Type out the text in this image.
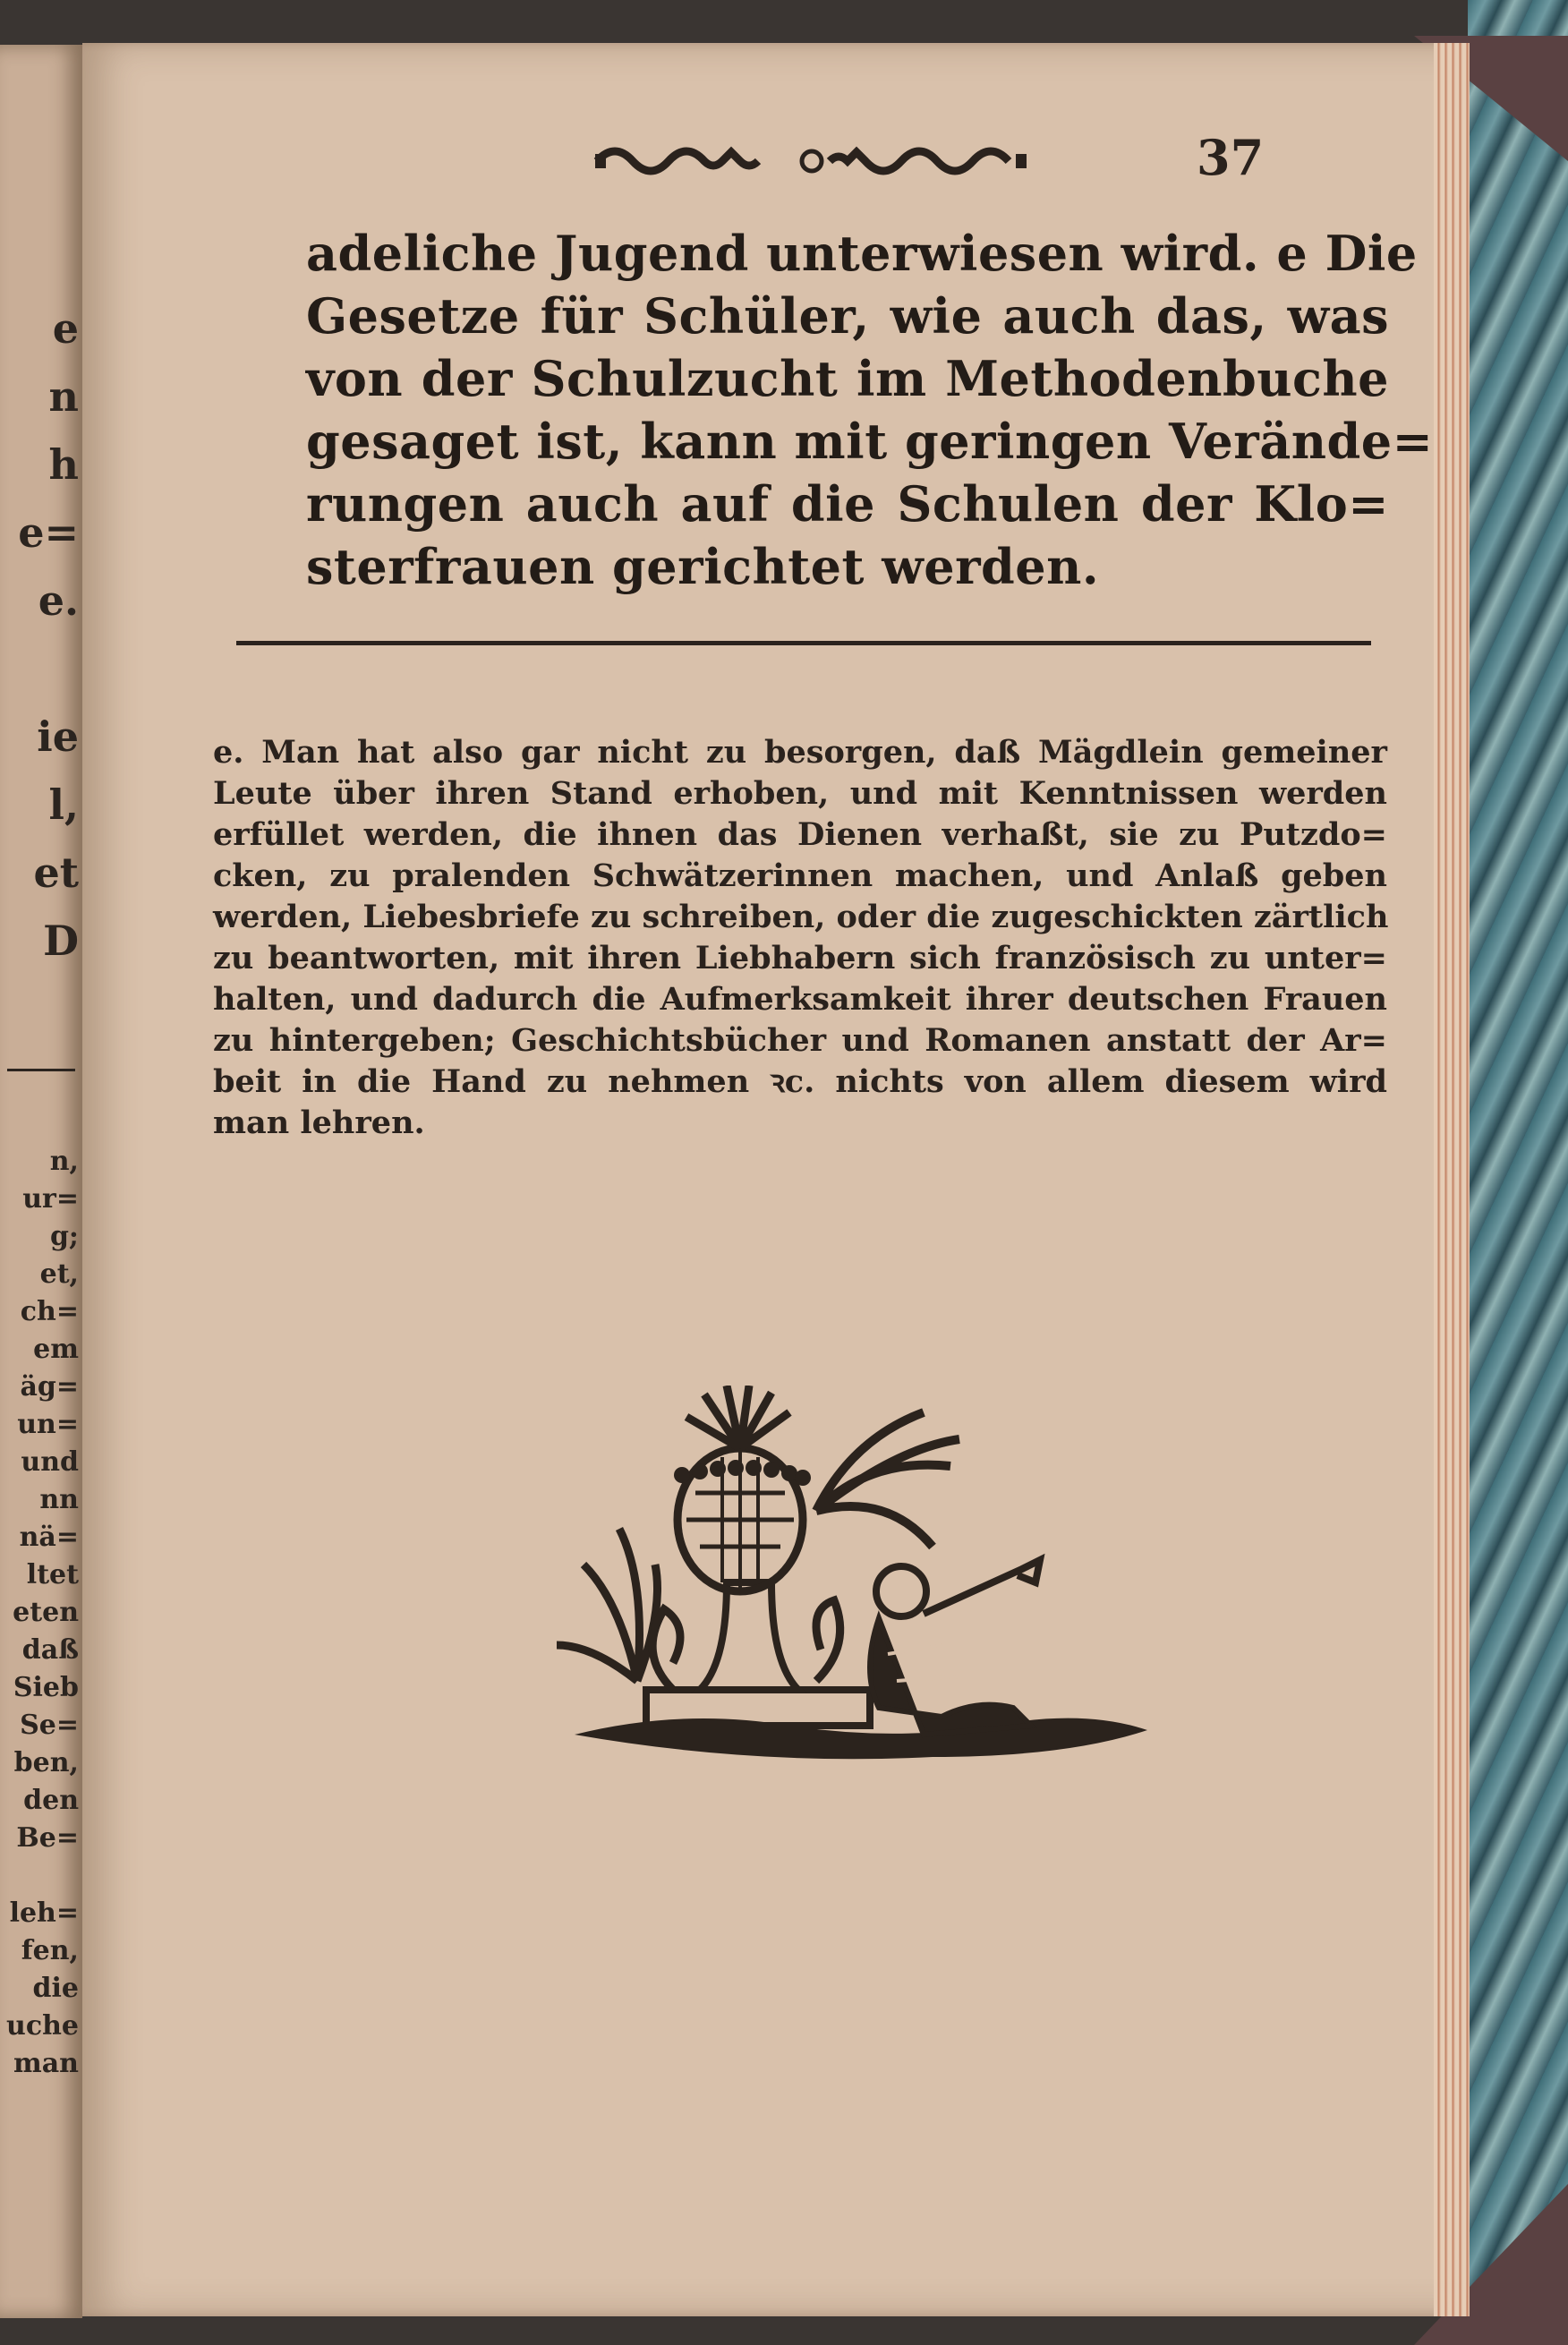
e
n
h
e=
e.
ie
l,
et
D
n,
ur=
g;
et,
ch=
em
äg=
un=
und
nn
nä=
ltet
eten
daß
Sieb
Se=
ben,
den
Be=
leh=
fen,
die
uche
man
37
adeliche Jugend unterwiesen wird. e Die
Gesetze für Schüler, wie auch das, was
von der Schulzucht im Methodenbuche
gesaget ist, kann mit geringen Verände=
rungen auch auf die Schulen der Klo=
sterfrauen gerichtet werden.
e. Man hat also gar nicht zu besorgen, daß Mägdlein gemeiner
Leute über ihren Stand erhoben, und mit Kenntnissen werden
erfüllet werden, die ihnen das Dienen verhaßt, sie zu Putzdo=
cken, zu pralenden Schwätzerinnen machen, und Anlaß geben
werden, Liebesbriefe zu schreiben, oder die zugeschickten zärtlich
zu beantworten, mit ihren Liebhabern sich französisch zu unter=
halten, und dadurch die Aufmerksamkeit ihrer deutschen Frauen
zu hintergeben; Geschichtsbücher und Romanen anstatt der Ar=
beit in die Hand zu nehmen ꝛc. nichts von allem diesem wird
man lehren.
